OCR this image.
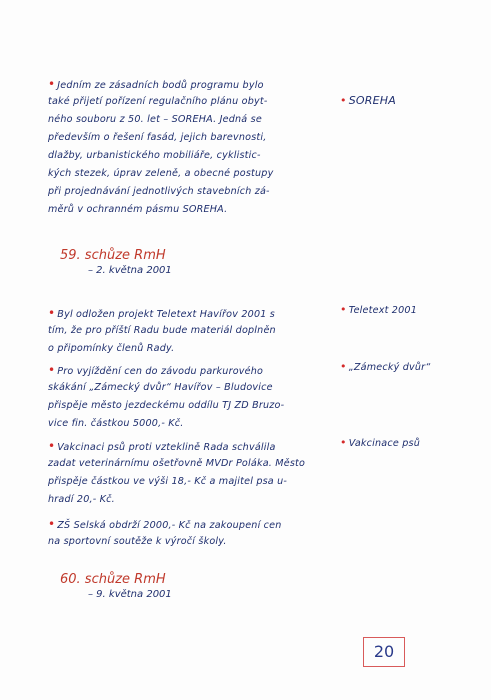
• Jedním ze zásadních bodů programu bylo
také přijetí pořízení regulačního plánu obyt-
ného souboru z 50. let – SOREHA. Jedná se
především o řešení fasád, jejich barevnosti,
dlažby, urbanistického mobiliáře, cyklistic-
kých stezek, úprav zeleně, a obecné postupy
při projednávání jednotlivých stavebních zá-
měrů v ochranném pásmu SOREHA.
• SOREHA
59. schůze RmH
– 2. května 2001
• Byl odložen projekt Teletext Havířov 2001 s
tím, že pro příští Radu bude materiál doplněn
o připomínky členů Rady.
• Teletext 2001
• Pro vyjíždění cen do závodu parkurového
skákání „Zámecký dvůr“ Havířov – Bludovice
přispěje město jezdeckému oddílu TJ ZD Bruzo-
vice fin. částkou 5000,- Kč.
• „Zámecký dvůr“
• Vakcinaci psů proti vzteklině Rada schválila
zadat veterinárnímu ošetřovně MVDr Poláka. Město
přispěje částkou ve výši 18,- Kč a majitel psa u-
hradí 20,- Kč.
• Vakcinace psů
• ZŠ Selská obdrží 2000,- Kč na zakoupení cen
na sportovní soutěže k výročí školy.
60. schůze RmH
– 9. května 2001
20
